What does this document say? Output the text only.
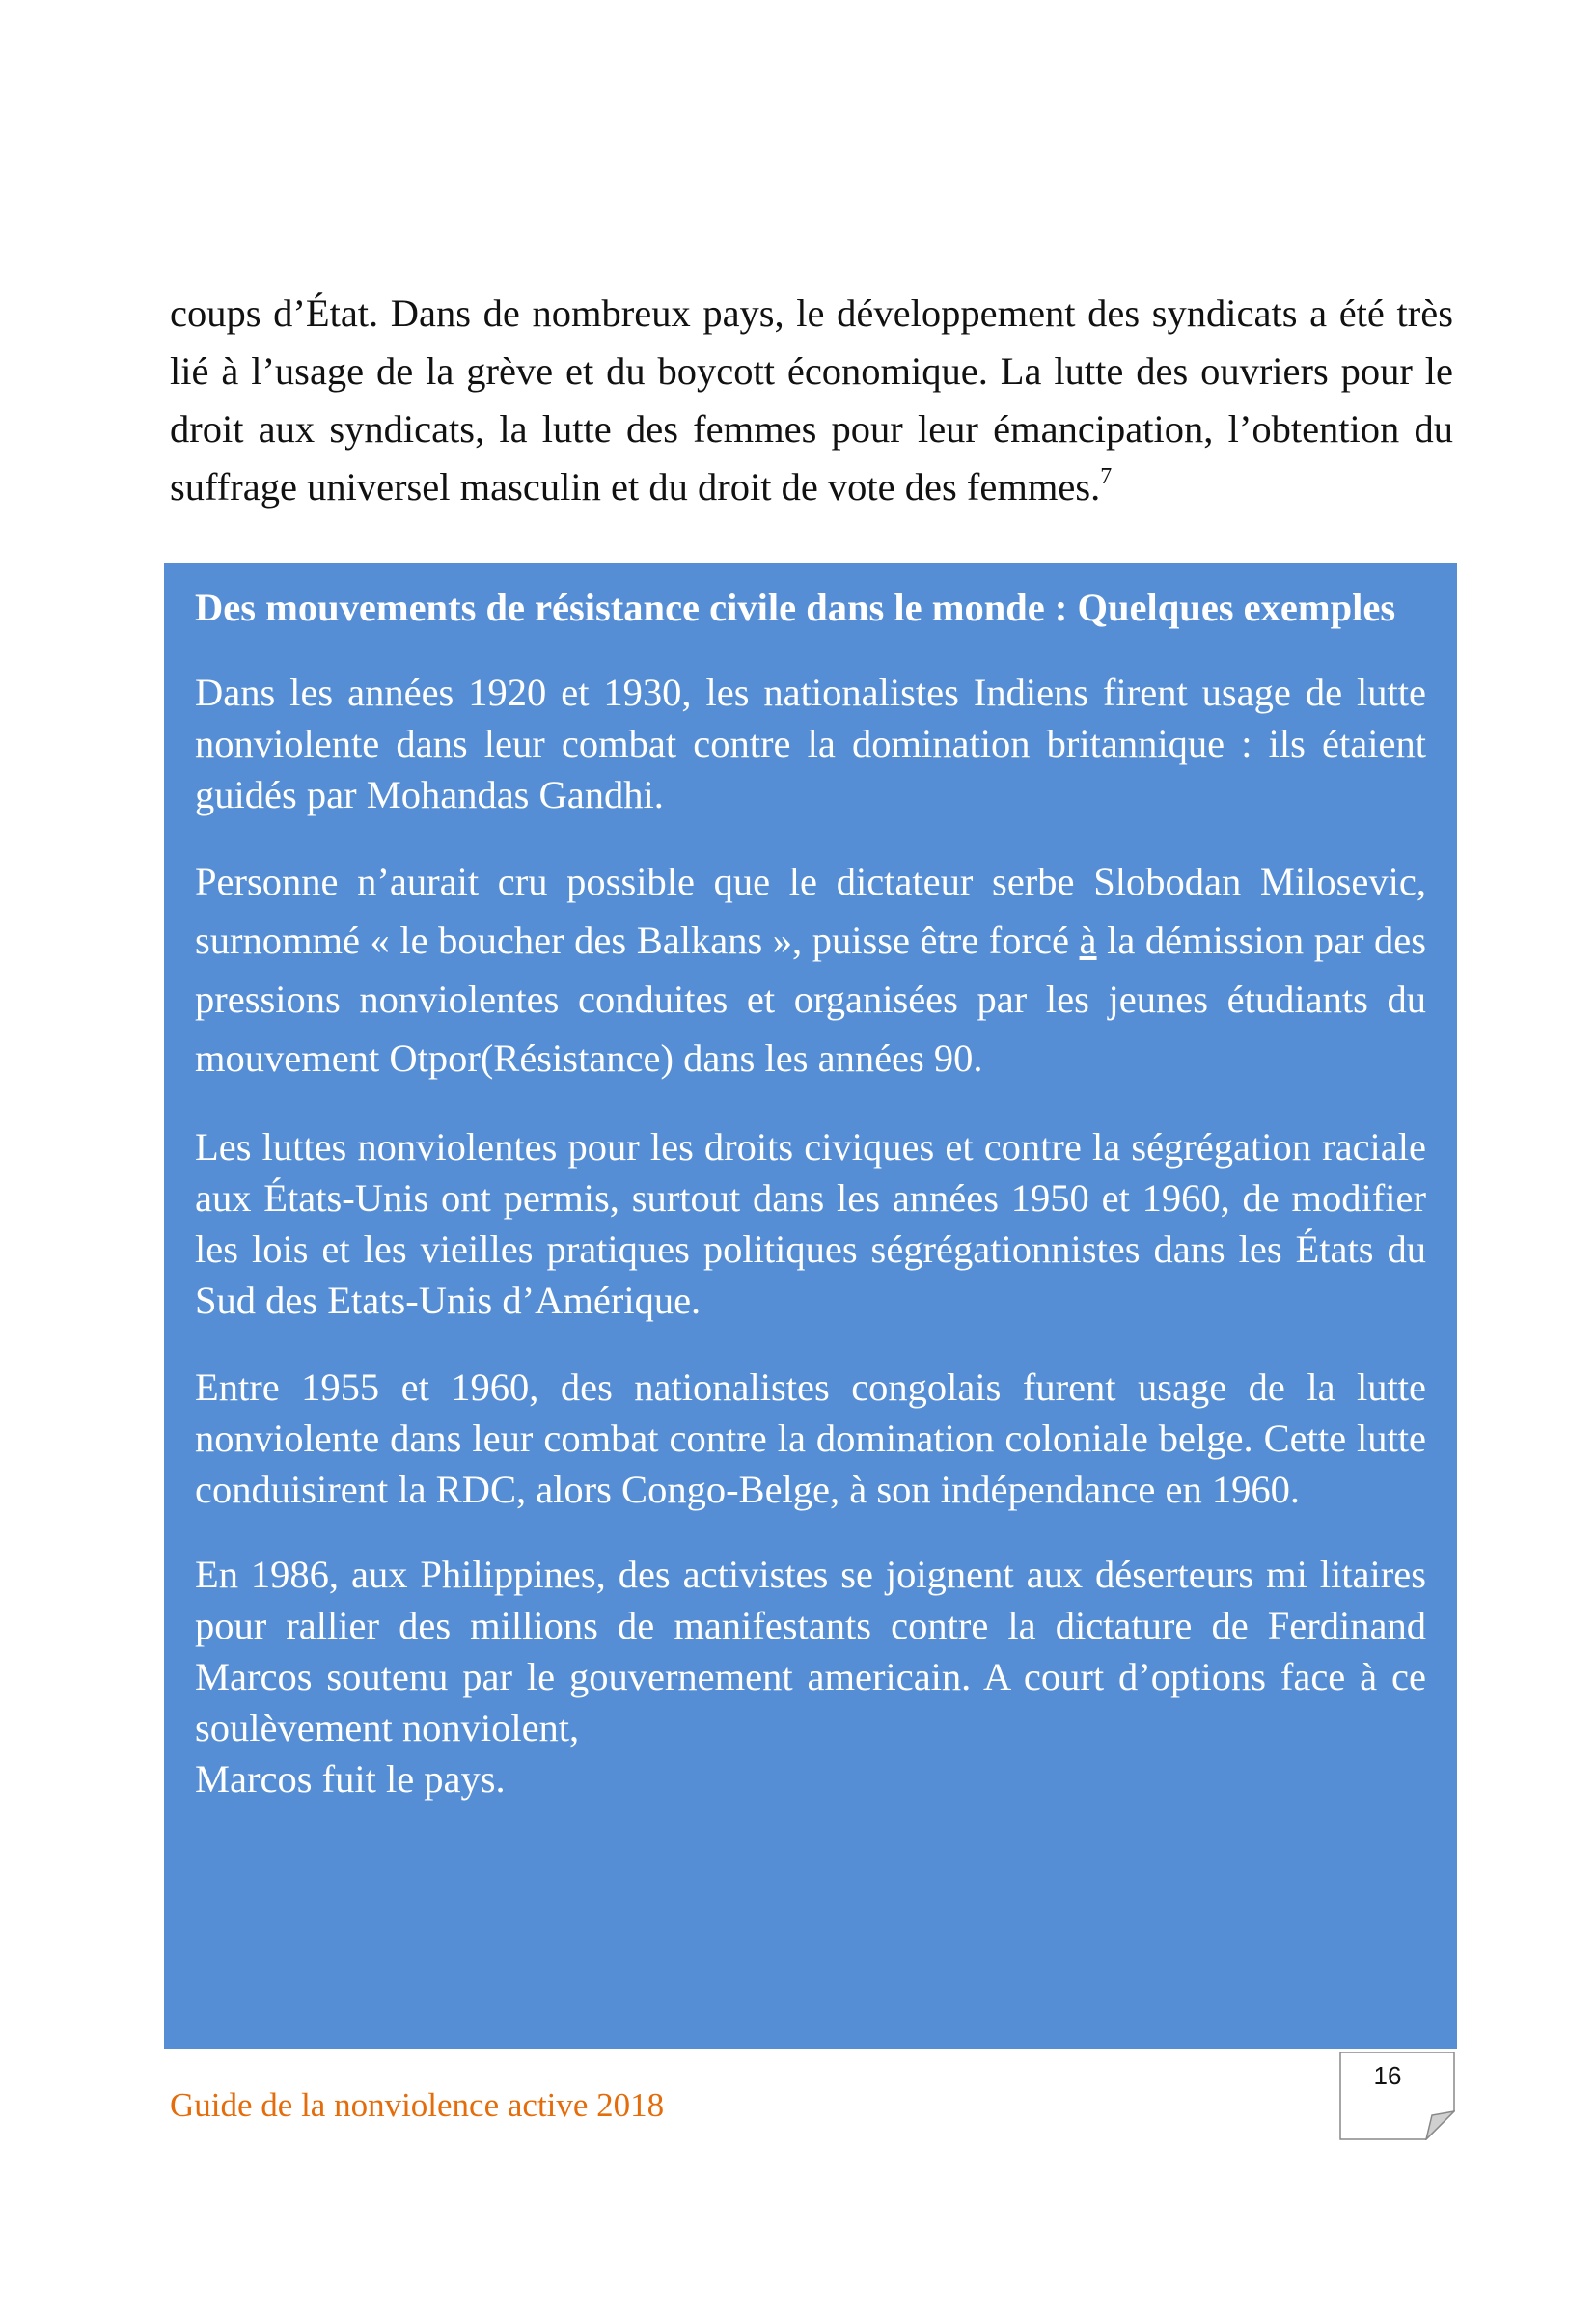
coups d’État. Dans de nombreux pays, le développement des syndicats a été très lié à l’usage de la grève et du boycott économique. La lutte des ouvriers pour le droit aux syndicats, la lutte des femmes pour leur émancipation, l’obtention du suffrage universel masculin et du droit de vote des femmes.$^7$

Des mouvements de résistance civile dans le monde : Quelques exemples

Dans les années 1920 et 1930, les nationalistes Indiens firent usage de lutte nonviolente dans leur combat contre la domination britannique : ils étaient guidés par Mohandas Gandhi.

Personne n’aurait cru possible que le dictateur serbe Slobodan Milosevic, surnommé « le boucher des Balkans », puisse être forcé à la démission par des pressions nonviolentes conduites et organisées par les jeunes étudiants du mouvement Otpor(Résistance) dans les années 90.

Les luttes nonviolentes pour les droits civiques et contre la ségrégation raciale aux États-Unis ont permis, surtout dans les années 1950 et 1960, de modifier les lois et les vieilles pratiques politiques ségrégationnistes dans les États du Sud des Etats-Unis d’Amérique.

Entre 1955 et 1960, des nationalistes congolais furent usage de la lutte nonviolente dans leur combat contre la domination coloniale belge. Cette lutte conduisirent la RDC, alors Congo-Belge, à son indépendance en 1960.

En 1986, aux Philippines, des activistes se joignent aux déserteurs mi litaires pour rallier des millions de manifestants contre la dictature de Ferdinand Marcos soutenu par le gouvernement americain. A court d’options face à ce soulèvement nonviolent,
Marcos fuit le pays.

Guide de la nonviolence active 2018
16
